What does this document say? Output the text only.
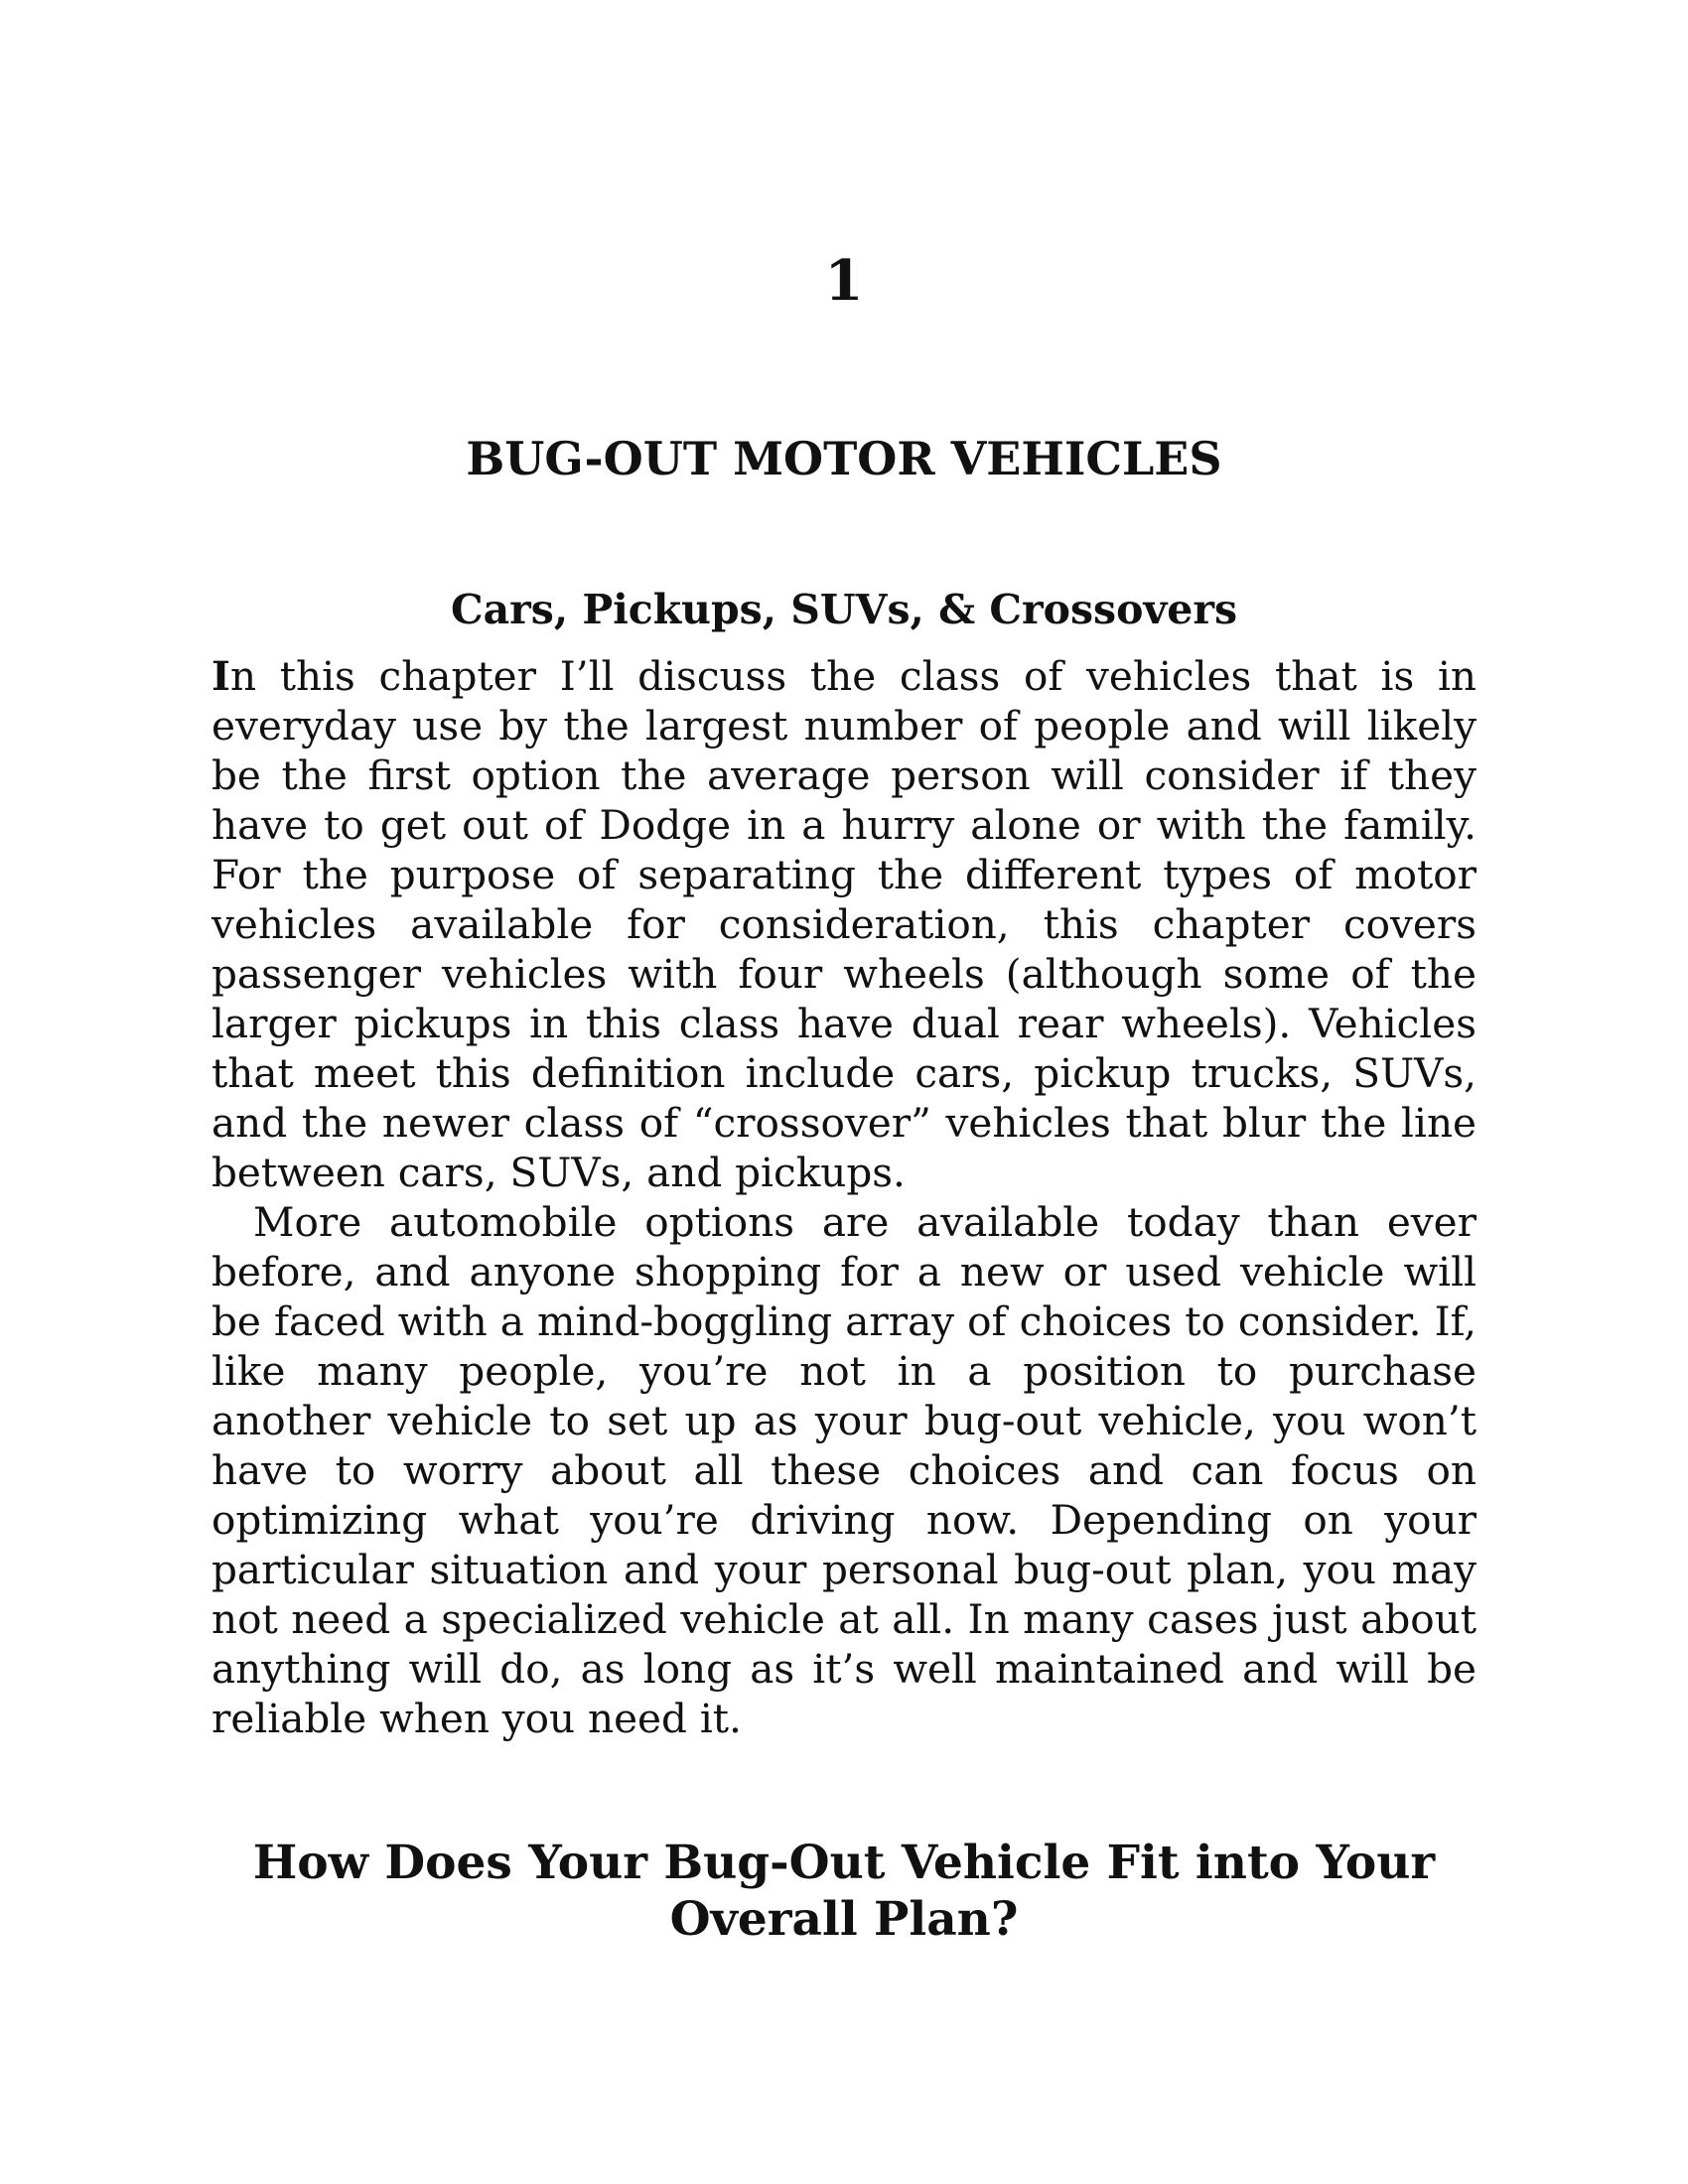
1
BUG-OUT MOTOR VEHICLES
Cars, Pickups, SUVs, & Crossovers

In this chapter I’ll discuss the class of vehicles that is in everyday use by the largest number of people and will likely be the first option the average person will consider if they have to get out of Dodge in a hurry alone or with the family. For the purpose of separating the different types of motor vehicles available for consideration, this chapter covers passenger vehicles with four wheels (although some of the larger pickups in this class have dual rear wheels). Vehicles that meet this definition include cars, pickup trucks, SUVs, and the newer class of “crossover” vehicles that blur the line between cars, SUVs, and pickups.

More automobile options are available today than ever before, and anyone shopping for a new or used vehicle will be faced with a mind-boggling array of choices to consider. If, like many people, you’re not in a position to purchase another vehicle to set up as your bug-out vehicle, you won’t have to worry about all these choices and can focus on optimizing what you’re driving now. Depending on your particular situation and your personal bug-out plan, you may not need a specialized vehicle at all. In many cases just about anything will do, as long as it’s well maintained and will be reliable when you need it.

How Does Your Bug-Out Vehicle Fit into Your Overall Plan?
